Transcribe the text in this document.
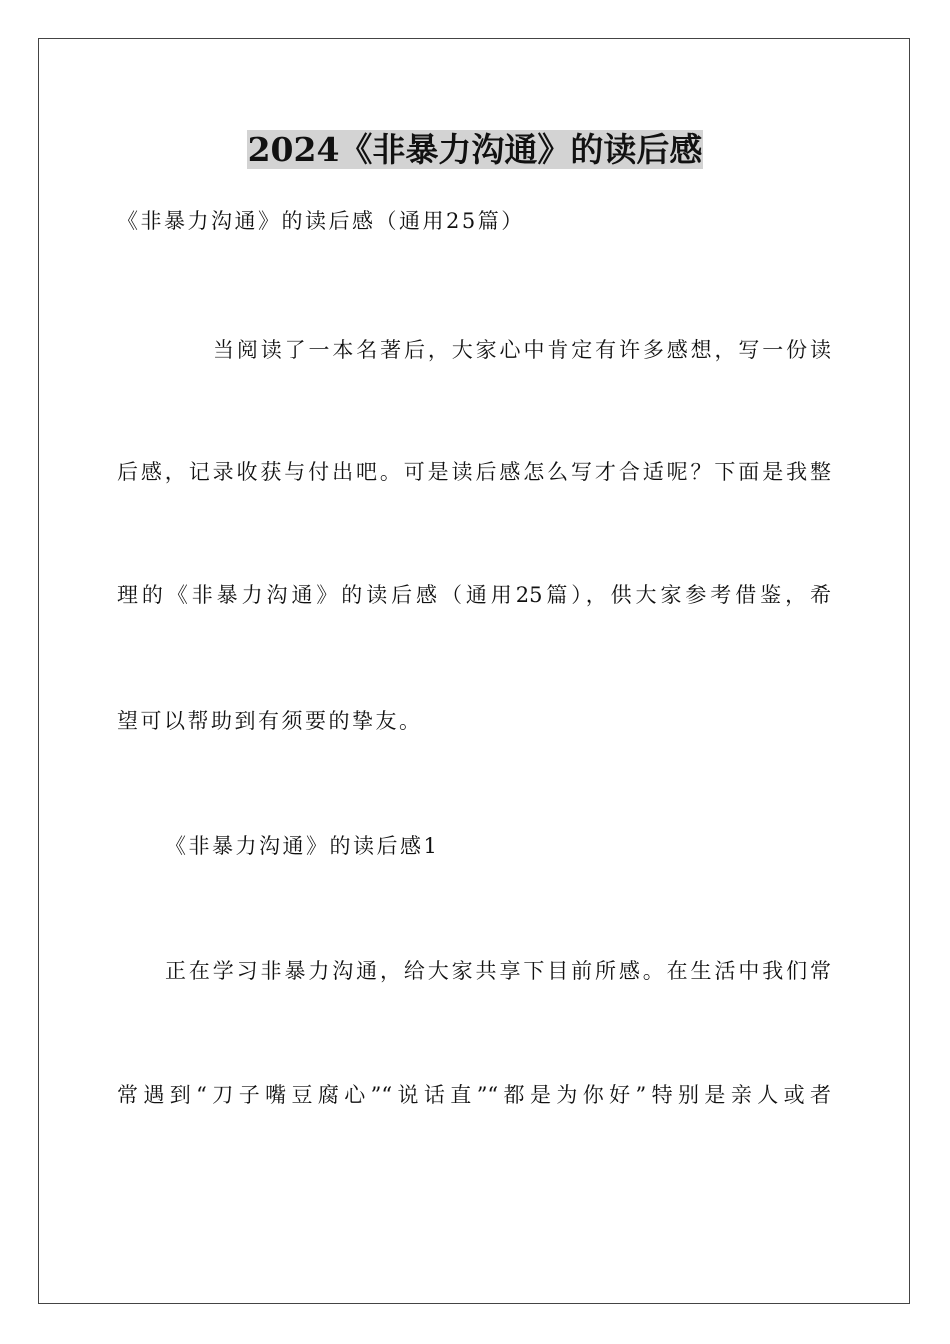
2024《非暴力沟通》的读后感
《非暴力沟通》的读后感（通用25篇）
当阅读了一本名著后，大家心中肯定有许多感想，写一份读
后感，记录收获与付出吧。可是读后感怎么写才合适呢？下面是我整
理的《非暴力沟通》的读后感（通用25篇），供大家参考借鉴，希
望可以帮助到有须要的挚友。
《非暴力沟通》的读后感1
正在学习非暴力沟通，给大家共享下目前所感。在生活中我们常
常遇到“刀子嘴豆腐心”“说话直”“都是为你好”特别是亲人或者
